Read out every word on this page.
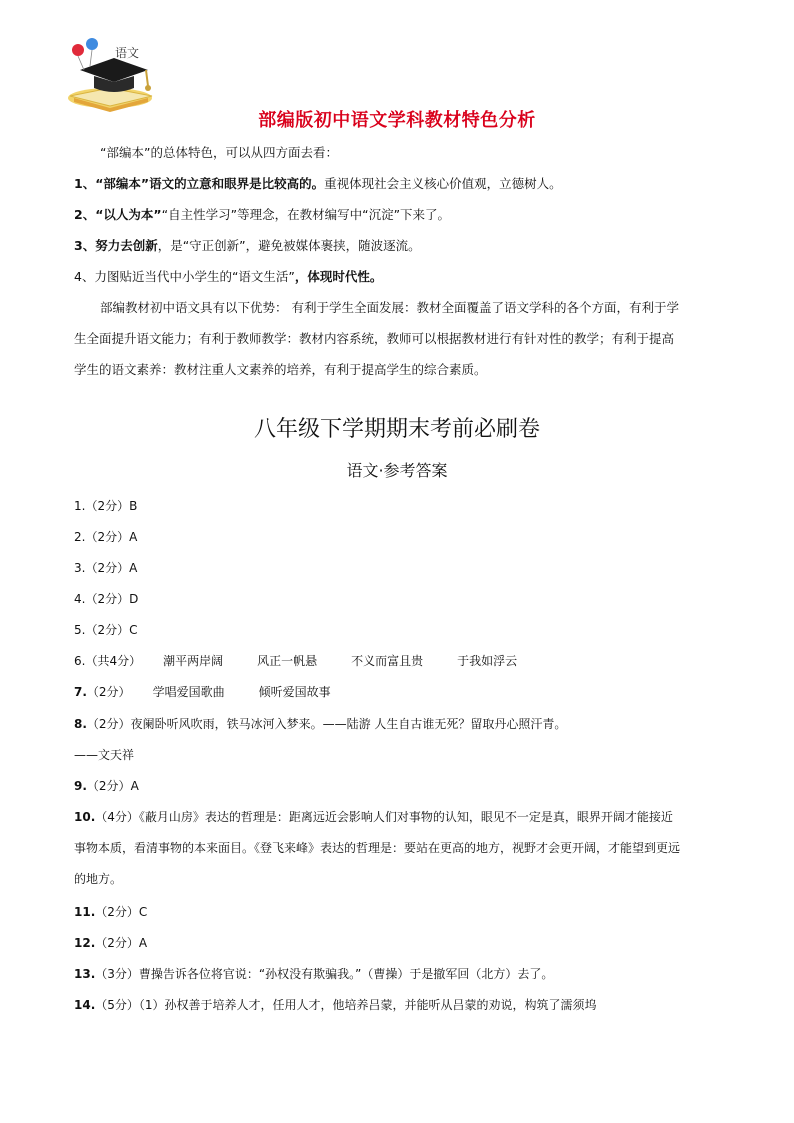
语文
部编版初中语文学科教材特色分析
“部编本”的总体特色，可以从四方面去看：
1、“部编本”语文的立意和眼界是比较高的。重视体现社会主义核心价值观，立德树人。
2、“以人为本”“自主性学习”等理念，在教材编写中“沉淀”下来了。
3、努力去创新，是“守正创新”，避免被媒体裹挟，随波逐流。
4、力图贴近当代中小学生的“语文生活”，体现时代性。
部编教材初中语文具有以下优势： 有利于学生全面发展：教材全面覆盖了语文学科的各个方面，有利于学生全面提升语文能力；有利于教师教学：教材内容系统，教师可以根据教材进行有针对性的教学；有利于提高学生的语文素养：教材注重人文素养的培养，有利于提高学生的综合素质。
八年级下学期期末考前必刷卷
语文·参考答案
1.（2分）B
2.（2分）A
3.（2分）A
4.（2分）D
5.（2分）C
6.（共4分） 潮平两岸阔	风正一帆悬	不义而富且贵	于我如浮云
7.（2分） 学唱爱国歌曲	倾听爱国故事
8.（2分）夜阑卧听风吹雨，铁马冰河入梦来。——陆游 人生自古谁无死？留取丹心照汗青。
——文天祥
9.（2分）A
10.（4分）《蔽月山房》表达的哲理是：距离远近会影响人们对事物的认知，眼见不一定是真，眼界开阔才能接近事物本质，看清事物的本来面目。《登飞来峰》表达的哲理是：要站在更高的地方，视野才会更开阔，才能望到更远的地方。
11.（2分）C
12.（2分）A
13.（3分）曹操告诉各位将官说：“孙权没有欺骗我。”（曹操）于是撤军回（北方）去了。
14.（5分）（1）孙权善于培养人才，任用人才，他培养吕蒙，并能听从吕蒙的劝说，构筑了濡须坞
